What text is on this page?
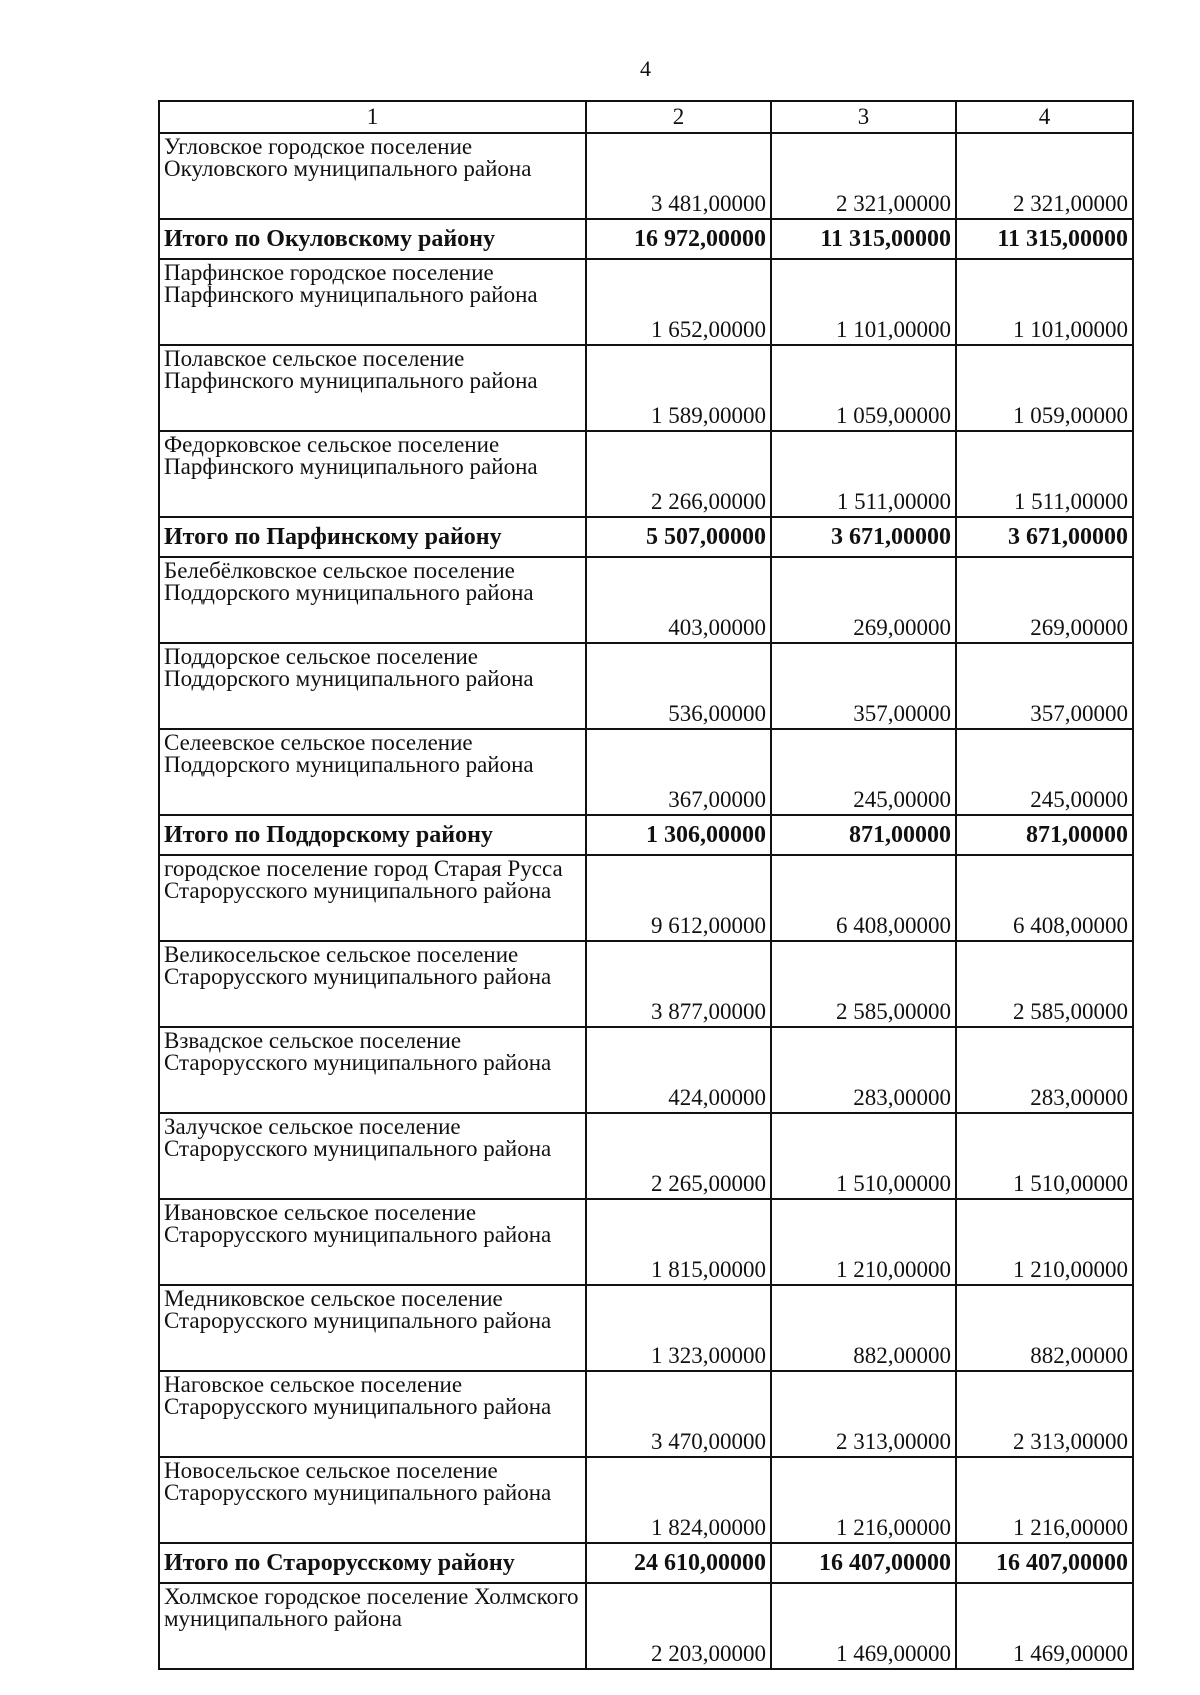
4
1	2	3	4
Угловское городское поселение Окуловского муниципального района	3 481,00000	2 321,00000	2 321,00000
Итого по Окуловскому району	16 972,00000	11 315,00000	11 315,00000
Парфинское городское поселение Парфинского муниципального района	1 652,00000	1 101,00000	1 101,00000
Полавское сельское поселение Парфинского муниципального района	1 589,00000	1 059,00000	1 059,00000
Федорковское сельское поселение Парфинского муниципального района	2 266,00000	1 511,00000	1 511,00000
Итого по Парфинскому району	5 507,00000	3 671,00000	3 671,00000
Белебёлковское сельское поселение Поддорского муниципального района	403,00000	269,00000	269,00000
Поддорское сельское поселение Поддорского муниципального района	536,00000	357,00000	357,00000
Селеевское сельское поселение Поддорского муниципального района	367,00000	245,00000	245,00000
Итого по Поддорскому району	1 306,00000	871,00000	871,00000
городское поселение город Старая Русса Старорусского муниципального района	9 612,00000	6 408,00000	6 408,00000
Великосельское сельское поселение Старорусского муниципального района	3 877,00000	2 585,00000	2 585,00000
Взвадское сельское поселение Старорусского муниципального района	424,00000	283,00000	283,00000
Залучское сельское поселение Старорусского муниципального района	2 265,00000	1 510,00000	1 510,00000
Ивановское сельское поселение Старорусского муниципального района	1 815,00000	1 210,00000	1 210,00000
Медниковское сельское поселение Старорусского муниципального района	1 323,00000	882,00000	882,00000
Наговское сельское поселение Старорусского муниципального района	3 470,00000	2 313,00000	2 313,00000
Новосельское сельское поселение Старорусского муниципального района	1 824,00000	1 216,00000	1 216,00000
Итого по Старорусскому району	24 610,00000	16 407,00000	16 407,00000
Холмское городское поселение Холмского муниципального района	2 203,00000	1 469,00000	1 469,00000
